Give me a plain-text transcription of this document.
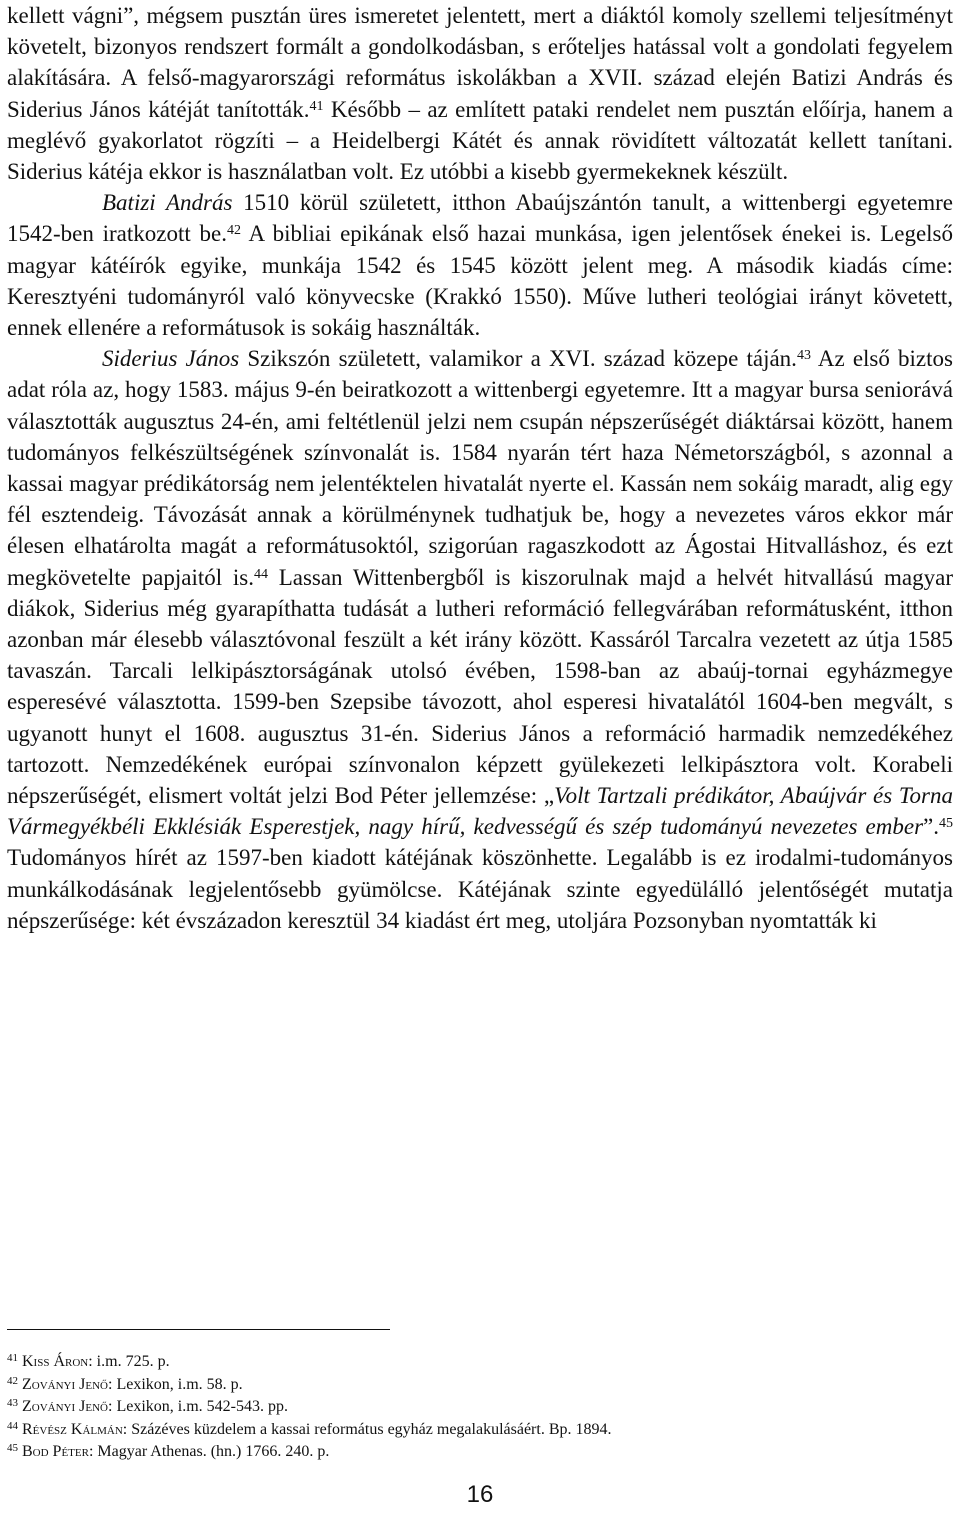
kellett vágni”, mégsem pusztán üres ismeretet jelentett, mert a diáktól komoly szellemi teljesítményt követelt, bizonyos rendszert formált a gondolkodásban, s erőteljes hatással volt a gondolati fegyelem alakítására. A felső-magyarországi református iskolákban a XVII. század elején Batizi András és Siderius János kátéját tanították.$^{41}$ Később – az említett pataki rendelet nem pusztán előírja, hanem a meglévő gyakorlatot rögzíti – a Heidelbergi Kátét és annak rövidített változatát kellett tanítani. Siderius kátéja ekkor is használatban volt. Ez utóbbi a kisebb gyermekeknek készült.

Batizi András 1510 körül született, itthon Abaújszántón tanult, a wittenbergi egyetemre 1542-ben iratkozott be.$^{42}$ A bibliai epikának első hazai munkása, igen jelentősek énekei is. Legelső magyar kátéírók egyike, munkája 1542 és 1545 között jelent meg. A második kiadás címe: Keresztyéni tudományról való könyvecske (Krakkó 1550). Műve lutheri teológiai irányt követett, ennek ellenére a reformátusok is sokáig használták.

Siderius János Szikszón született, valamikor a XVI. század közepe táján.$^{43}$ Az első biztos adat róla az, hogy 1583. május 9-én beiratkozott a wittenbergi egyetemre. Itt a magyar bursa seniorává választották augusztus 24-én, ami feltétlenül jelzi nem csupán népszerűségét diáktársai között, hanem tudományos felkészültségének színvonalát is. 1584 nyarán tért haza Németországból, s azonnal a kassai magyar prédikátorság nem jelentéktelen hivatalát nyerte el. Kassán nem sokáig maradt, alig egy fél esztendeig. Távozását annak a körülménynek tudhatjuk be, hogy a nevezetes város ekkor már élesen elhatárolta magát a reformátusoktól, szigorúan ragaszkodott az Ágostai Hitvalláshoz, és ezt megkövetelte papjaitól is.$^{44}$ Lassan Wittenbergből is kiszorulnak majd a helvét hitvallású magyar diákok, Siderius még gyarapíthatta tudását a lutheri reformáció fellegvárában reformátusként, itthon azonban már élesebb választóvonal feszült a két irány között. Kassáról Tarcalra vezetett az útja 1585 tavaszán. Tarcali lelkipásztorságának utolsó évében, 1598-ban az abaúj-tornai egyházmegye esperesévé választotta. 1599-ben Szepsibe távozott, ahol esperesi hivatalától 1604-ben megvált, s ugyanott hunyt el 1608. augusztus 31-én. Siderius János a reformáció harmadik nemzedékéhez tartozott. Nemzedékének európai színvonalon képzett gyülekezeti lelkipásztora volt. Korabeli népszerűségét, elismert voltát jelzi Bod Péter jellemzése: „Volt Tartzali prédikátor, Abaújvár és Torna Vármegyékbéli Ekklésiák Esperestjek, nagy hírű, kedvességű és szép tudományú nevezetes ember”.$^{45}$ Tudományos hírét az 1597-ben kiadott kátéjának köszönhette. Legalább is ez irodalmi-tudományos munkálkodásának legjelentősebb gyümölcse. Kátéjának szinte egyedülálló jelentőségét mutatja népszerűsége: két évszázadon keresztül 34 kiadást ért meg, utoljára Pozsonyban nyomtatták ki

$^{41}$ Kiss Áron: i.m. 725. p.

$^{42}$ Zoványi Jenő: Lexikon, i.m. 58. p.

$^{43}$ Zoványi Jenő: Lexikon, i.m. 542-543. pp.

$^{44}$ Révész Kálmán: Százéves küzdelem a kassai református egyház megalakulásáért. Bp. 1894.

$^{45}$ Bod Péter: Magyar Athenas. (hn.) 1766. 240. p.

16
